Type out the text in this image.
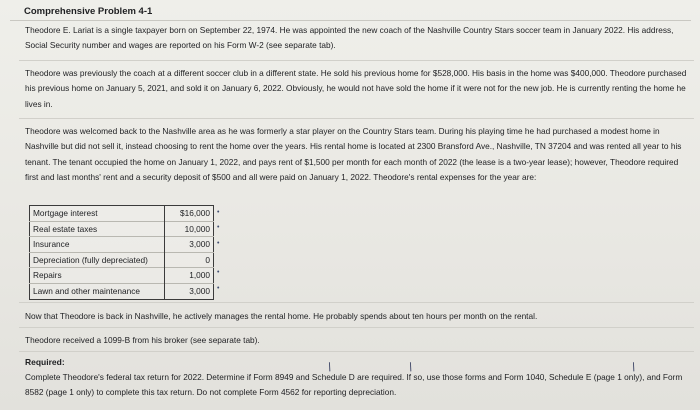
Comprehensive Problem 4-1

Theodore E. Lariat is a single taxpayer born on September 22, 1974. He was appointed the new coach of the Nashville Country Stars soccer team in January 2022. His address, Social Security number and wages are reported on his Form W-2 (see separate tab).

Theodore was previously the coach at a different soccer club in a different state. He sold his previous home for $528,000. His basis in the home was $400,000. Theodore purchased his previous home on January 5, 2021, and sold it on January 6, 2022. Obviously, he would not have sold the home if it were not for the new job. He is currently renting the home he lives in.

Theodore was welcomed back to the Nashville area as he was formerly a star player on the Country Stars team. During his playing time he had purchased a modest home in Nashville but did not sell it, instead choosing to rent the home over the years. His rental home is located at 2300 Bransford Ave., Nashville, TN 37204 and was rented all year to his tenant. The tenant occupied the home on January 1, 2022, and pays rent of $1,500 per month for each month of 2022 (the lease is a two-year lease); however, Theodore required first and last months' rent and a security deposit of $500 and all were paid on January 1, 2022. Theodore's rental expenses for the year are:

Mortgage interest	$16,000
Real estate taxes	10,000
Insurance	3,000
Depreciation (fully depreciated)	0
Repairs	1,000
Lawn and other maintenance	3,000
•
•
•
•
•

Now that Theodore is back in Nashville, he actively manages the rental home. He probably spends about ten hours per month on the rental.

Theodore received a 1099-B from his broker (see separate tab).

Required:

Complete Theodore's federal tax return for 2022. Determine if Form 8949 and Schedule D are required. If so, use those forms and Form 1040, Schedule E (page 1 only), and Form 8582 (page 1 only) to complete this tax return. Do not complete Form 4562 for reporting depreciation.

/	/	/
